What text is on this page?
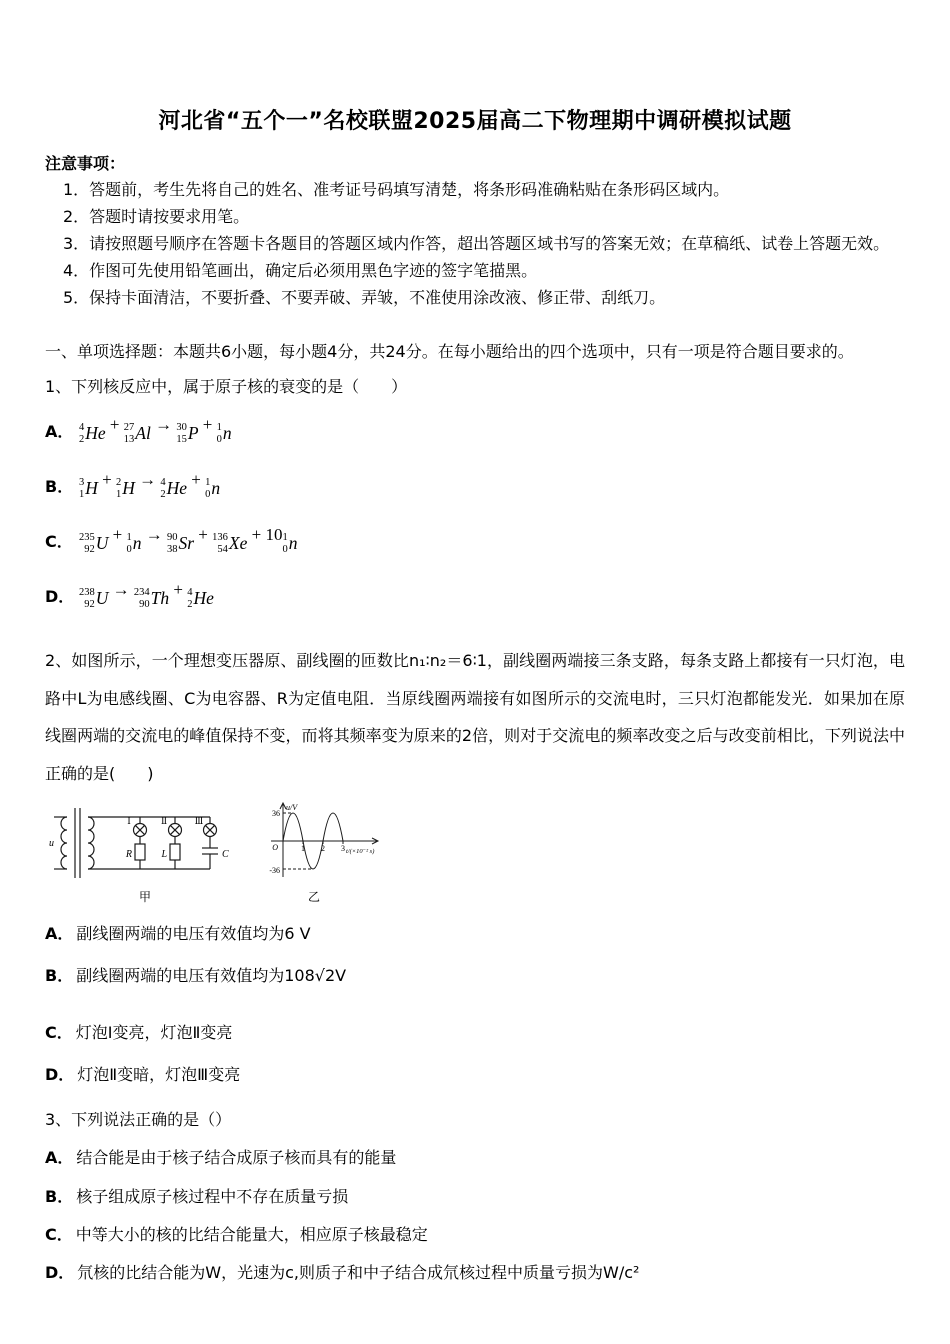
河北省“五个一”名校联盟2025届高二下物理期中调研模拟试题
注意事项：
1．答题前，考生先将自己的姓名、准考证号码填写清楚，将条形码准确粘贴在条形码区域内。
2．答题时请按要求用笔。
3．请按照题号顺序在答题卡各题目的答题区域内作答，超出答题区域书写的答案无效；在草稿纸、试卷上答题无效。
4．作图可先使用铅笔画出，确定后必须用黑色字迹的签字笔描黑。
5．保持卡面清洁，不要折叠、不要弄破、弄皱，不准使用涂改液、修正带、刮纸刀。
一、单项选择题：本题共6小题，每小题4分，共24分。在每小题给出的四个选项中，只有一项是符合题目要求的。
1、下列核反应中，属于原子核的衰变的是（　　）
A． 4
2 He + 27
13 Al → 30
15 P + 1
0 n
B． 3
1 H + 2
1 H → 4
2 He + 1
0 n
C． 235
92 U + 1
0 n → 90
38 Sr + 136
54 Xe + 10 1
0 n
D． 238
92 U → 234
90 Th + 4
2 He
2、如图所示，一个理想变压器原、副线圈的匝数比n₁∶n₂＝6∶1，副线圈两端接三条支路，每条支路上都接有一只灯泡，电路中L为电感线圈、C为电容器、R为定值电阻．当原线圈两端接有如图所示的交流电时，三只灯泡都能发光．如果加在原线圈两端的交流电的峰值保持不变，而将其频率变为原来的2倍，则对于交流电的频率改变之后与改变前相比，下列说法中正确的是(　　)
u
Ⅰ	Ⅱ	Ⅲ
R	L	C
甲
u/V
36
-36
O	1 2 3 t/(×10⁻² s)
乙
A． 副线圈两端的电压有效值均为6 V
B． 副线圈两端的电压有效值均为108√2V
C． 灯泡Ⅰ变亮，灯泡Ⅱ变亮
D． 灯泡Ⅱ变暗，灯泡Ⅲ变亮
3、下列说法正确的是（）
A． 结合能是由于核子结合成原子核而具有的能量
B． 核子组成原子核过程中不存在质量亏损
C． 中等大小的核的比结合能量大，相应原子核最稳定
D． 氘核的比结合能为W，光速为c,则质子和中子结合成氘核过程中质量亏损为W/c²
